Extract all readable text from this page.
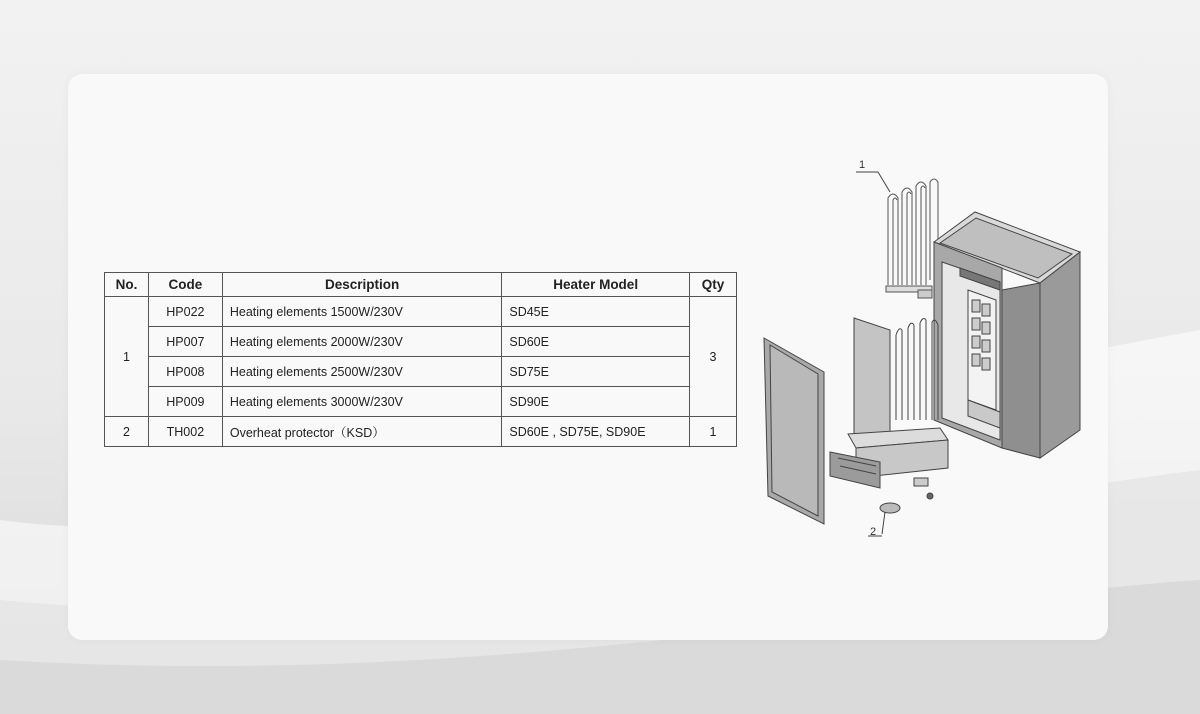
No.	Code	Description	Heater Model	Qty
1	HP022	Heating elements 1500W/230V	SD45E	3
	HP007	Heating elements 2000W/230V	SD60E	
	HP008	Heating elements 2500W/230V	SD75E	
	HP009	Heating elements 3000W/230V	SD90E	
2	TH002	Overheat protector（KSD）	SD60E , SD75E, SD90E	1
1
2
